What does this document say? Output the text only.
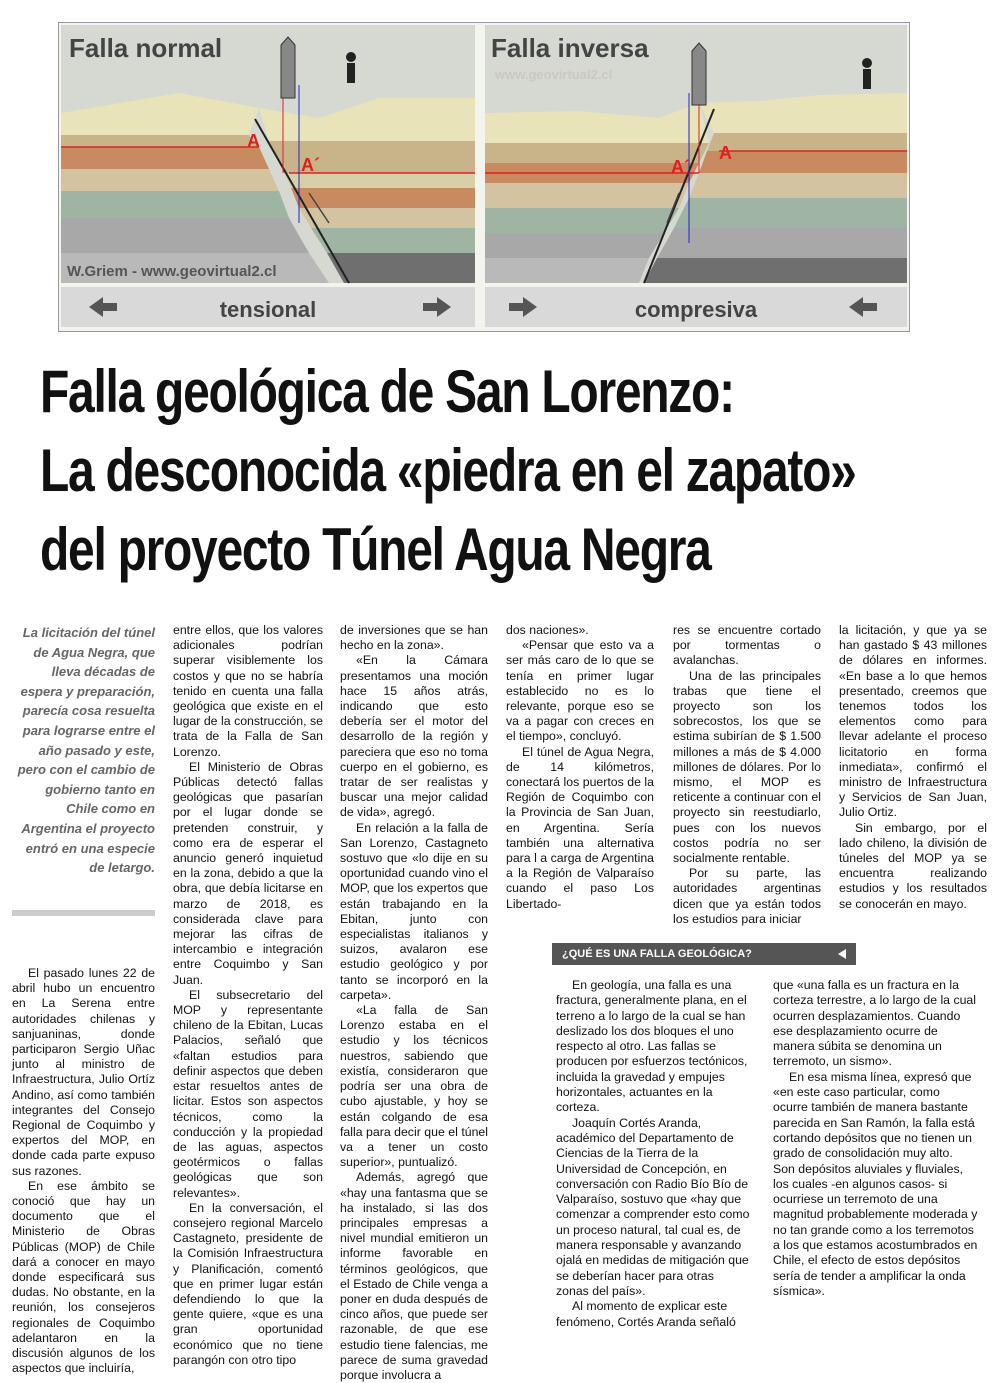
Falla normal
A
A´
W.Griem - www.geovirtual2.cl
tensional
Falla inversa
www.geovirtual2.cl
A
A´
compresiva
Falla geológica de San Lorenzo:
La desconocida «piedra en el zapato»
del proyecto Túnel Agua Negra
La licitación del túnel de Agua Negra, que lleva décadas de espera y preparación, parecía cosa resuelta para lograrse entre el año pasado y este, pero con el cambio de gobierno tanto en Chile como en Argentina el proyecto entró en una especie de letargo.

El pasado lunes 22 de abril hubo un encuentro en La Serena entre autoridades chilenas y sanjuaninas, donde participaron Sergio Uñac junto al ministro de Infraestructura, Julio Ortíz Andino, así como también integrantes del Consejo Regional de Coquimbo y expertos del MOP, en donde cada parte expuso sus razones.

En ese ámbito se conoció que hay un documento que el Ministerio de Obras Públicas (MOP) de Chile dará a conocer en mayo donde especificará sus dudas. No obstante, en la reunión, los consejeros regionales de Coquimbo adelantaron en la discusión algunos de los aspectos que incluiría,

entre ellos, que los valores adicionales podrían superar visiblemente los costos y que no se habría tenido en cuenta una falla geológica que existe en el lugar de la construcción, se trata de la Falla de San Lorenzo.

El Ministerio de Obras Públicas detectó fallas geológicas que pasarían por el lugar donde se pretenden construir, y como era de esperar el anuncio generó inquietud en la zona, debido a que la obra, que debía licitarse en marzo de 2018, es considerada clave para mejorar las cifras de intercambio e integración entre Coquimbo y San Juan.

El subsecretario del MOP y representante chileno de la Ebitan, Lucas Palacios, señaló que «faltan estudios para definir aspectos que deben estar resueltos antes de licitar. Estos son aspectos técnicos, como la conducción y la propiedad de las aguas, aspectos geotérmicos o fallas geológicas que son relevantes».

En la conversación, el consejero regional Marcelo Castagneto, presidente de la Comisión Infraestructura y Planificación, comentó que en primer lugar están defendiendo lo que la gente quiere, «que es una gran oportunidad económico que no tiene parangón con otro tipo

de inversiones que se han hecho en la zona».

«En la Cámara presentamos una moción hace 15 años atrás, indicando que esto debería ser el motor del desarrollo de la región y pareciera que eso no toma cuerpo en el gobierno, es tratar de ser realistas y buscar una mejor calidad de vida», agregó.

En relación a la falla de San Lorenzo, Castagneto sostuvo que «lo dije en su oportunidad cuando vino el MOP, que los expertos que están trabajando en la Ebitan, junto con especialistas italianos y suizos, avalaron ese estudio geológico y por tanto se incorporó en la carpeta».

«La falla de San Lorenzo estaba en el estudio y los técnicos nuestros, sabiendo que existía, consideraron que podría ser una obra de cubo ajustable, y hoy se están colgando de esa falla para decir que el túnel va a tener un costo superior», puntualizó.

Además, agregó que «hay una fantasma que se ha instalado, si las dos principales empresas a nivel mundial emitieron un informe favorable en términos geológicos, que el Estado de Chile venga a poner en duda después de cinco años, que puede ser razonable, de que ese estudio tiene falencias, me parece de suma gravedad porque involucra a

dos naciones».

«Pensar que esto va a ser más caro de lo que se tenía en primer lugar establecido no es lo relevante, porque eso se va a pagar con creces en el tiempo», concluyó.

El túnel de Agua Negra, de 14 kilómetros, conectará los puertos de la Región de Coquimbo con la Provincia de San Juan, en Argentina. Sería también una alternativa para l a carga de Argentina a la Región de Valparaíso cuando el paso Los Libertado-

res se encuentre cortado por tormentas o avalanchas.

Una de las principales trabas que tiene el proyecto son los sobrecostos, los que se estima subirían de $ 1.500 millones a más de $ 4.000 millones de dólares. Por lo mismo, el MOP es reticente a continuar con el proyecto sin reestudiarlo, pues con los nuevos costos podría no ser socialmente rentable.

Por su parte, las autoridades argentinas dicen que ya están todos los estudios para iniciar

la licitación, y que ya se han gastado $ 43 millones de dólares en informes. «En base a lo que hemos presentado, creemos que tenemos todos los elementos como para llevar adelante el proceso licitatorio en forma inmediata», confirmó el ministro de Infraestructura y Servicios de San Juan, Julio Ortiz.

Sin embargo, por el lado chileno, la división de túneles del MOP ya se encuentra realizando estudios y los resultados se conocerán en mayo.

¿QUÉ ES UNA FALLA GEOLÓGICA?

En geología, una falla es una fractura, generalmente plana, en el terreno a lo largo de la cual se han deslizado los dos bloques el uno respecto al otro. Las fallas se producen por esfuerzos tectónicos, incluida la gravedad y empujes horizontales, actuantes en la corteza.

Joaquín Cortés Aranda, académico del Departamento de Ciencias de la Tierra de la Universidad de Concepción, en conversación con Radio Bío Bío de Valparaíso, sostuvo que «hay que comenzar a comprender esto como un proceso natural, tal cual es, de manera responsable y avanzando ojalá en medidas de mitigación que se deberían hacer para otras zonas del país».

Al momento de explicar este fenómeno, Cortés Aranda señaló

que «una falla es un fractura en la corteza terrestre, a lo largo de la cual ocurren desplazamientos. Cuando ese desplazamiento ocurre de manera súbita se denomina un terremoto, un sismo».

En esa misma línea, expresó que «en este caso particular, como ocurre también de manera bastante parecida en San Ramón, la falla está cortando depósitos que no tienen un grado de consolidación muy alto. Son depósitos aluviales y fluviales, los cuales -en algunos casos- si ocurriese un terremoto de una magnitud probablemente moderada y no tan grande como a los terremotos a los que estamos acostumbrados en Chile, el efecto de estos depósitos sería de tender a amplificar la onda sísmica».
